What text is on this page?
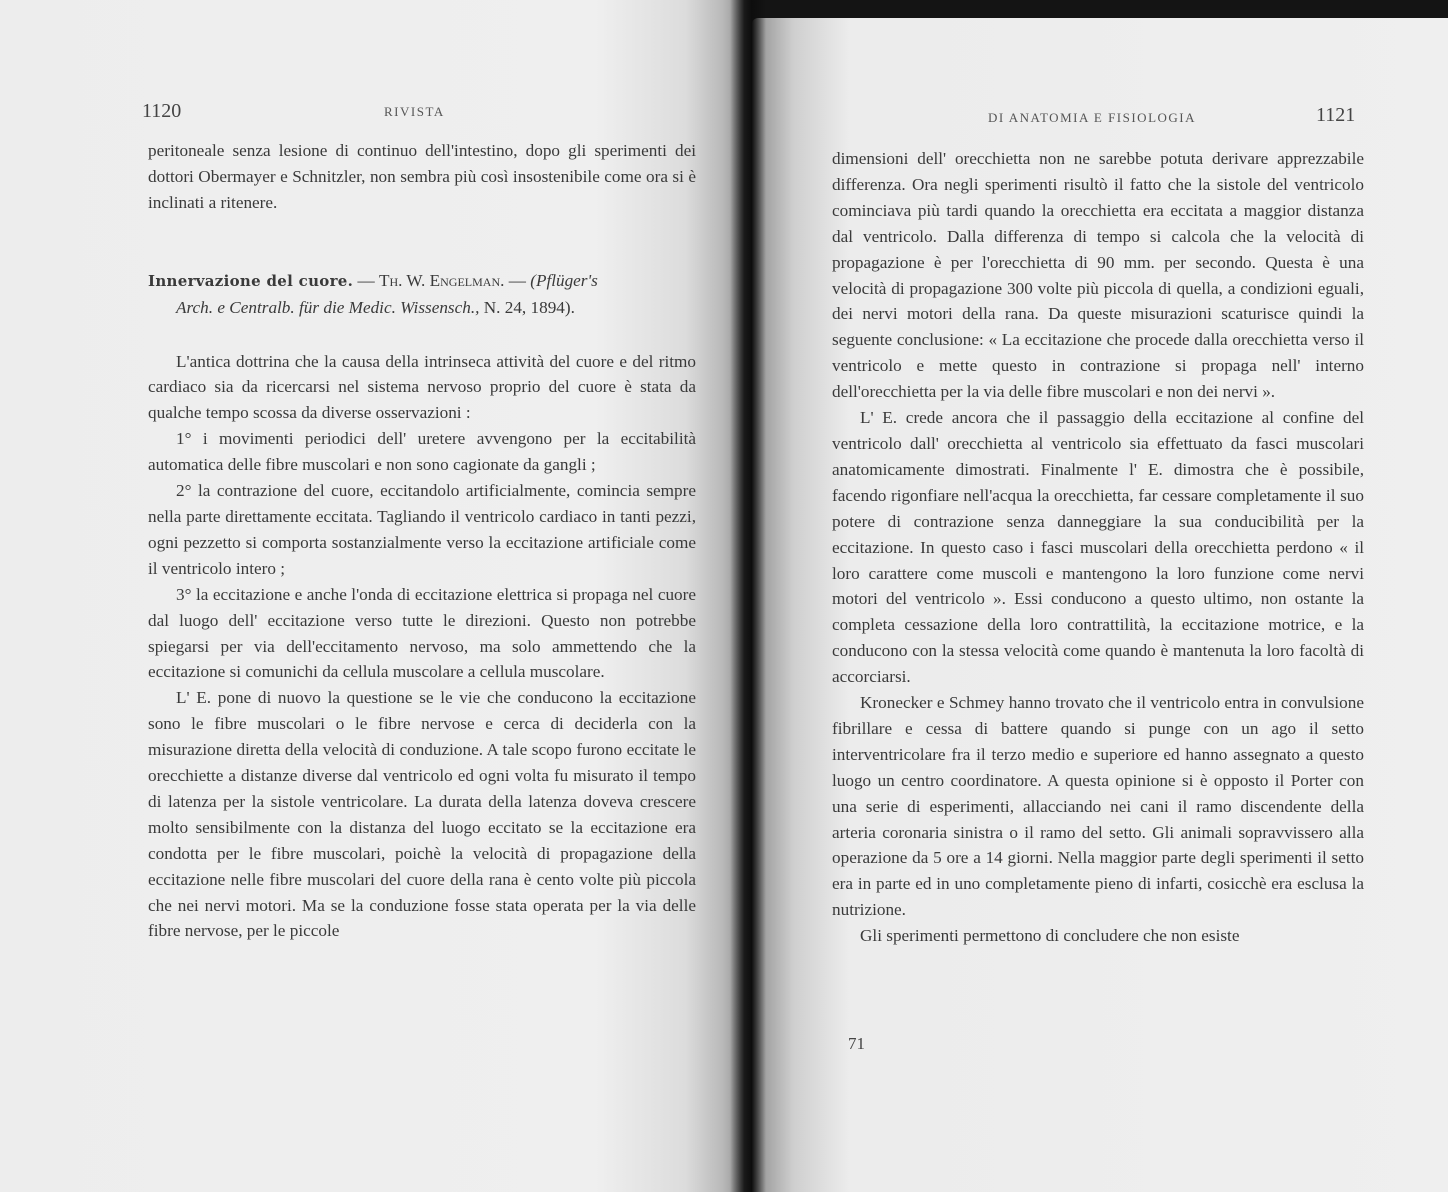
1120	RIVISTA

peritoneale senza lesione di continuo dell'intestino, dopo gli sperimenti dei dottori Obermayer e Schnitzler, non sembra più così insostenibile come ora si è inclinati a ritenere.

Innervazione del cuore. — Th. W. Engelman. — (Pflüger's

Arch. e Centralb. für die Medic. Wissensch., N. 24, 1894).

L'antica dottrina che la causa della intrinseca attività del cuore e del ritmo cardiaco sia da ricercarsi nel sistema nervoso proprio del cuore è stata da qualche tempo scossa da diverse osservazioni :

1° i movimenti periodici dell' uretere avvengono per la eccitabilità automatica delle fibre muscolari e non sono cagionate da gangli ;

2° la contrazione del cuore, eccitandolo artificialmente, comincia sempre nella parte direttamente eccitata. Tagliando il ventricolo cardiaco in tanti pezzi, ogni pezzetto si comporta sostanzialmente verso la eccitazione artificiale come il ventricolo intero ;

3° la eccitazione e anche l'onda di eccitazione elettrica si propaga nel cuore dal luogo dell' eccitazione verso tutte le direzioni. Questo non potrebbe spiegarsi per via dell'eccitamento nervoso, ma solo ammettendo che la eccitazione si comunichi da cellula muscolare a cellula muscolare.

L' E. pone di nuovo la questione se le vie che conducono la eccitazione sono le fibre muscolari o le fibre nervose e cerca di deciderla con la misurazione diretta della velocità di conduzione. A tale scopo furono eccitate le orecchiette a distanze diverse dal ventricolo ed ogni volta fu misurato il tempo di latenza per la sistole ventricolare. La durata della latenza doveva crescere molto sensibilmente con la distanza del luogo eccitato se la eccitazione era condotta per le fibre muscolari, poichè la velocità di propagazione della eccitazione nelle fibre muscolari del cuore della rana è cento volte più piccola che nei nervi motori. Ma se la conduzione fosse stata operata per la via delle fibre nervose, per le piccole

DI ANATOMIA E FISIOLOGIA	1121

dimensioni dell' orecchietta non ne sarebbe potuta derivare apprezzabile differenza. Ora negli sperimenti risultò il fatto che la sistole del ventricolo cominciava più tardi quando la orecchietta era eccitata a maggior distanza dal ventricolo. Dalla differenza di tempo si calcola che la velocità di propagazione è per l'orecchietta di 90 mm. per secondo. Questa è una velocità di propagazione 300 volte più piccola di quella, a condizioni eguali, dei nervi motori della rana. Da queste misurazioni scaturisce quindi la seguente conclusione: « La eccitazione che procede dalla orecchietta verso il ventricolo e mette questo in contrazione si propaga nell' interno dell'orecchietta per la via delle fibre muscolari e non dei nervi ».

L' E. crede ancora che il passaggio della eccitazione al confine del ventricolo dall' orecchietta al ventricolo sia effettuato da fasci muscolari anatomicamente dimostrati. Finalmente l' E. dimostra che è possibile, facendo rigonfiare nell'acqua la orecchietta, far cessare completamente il suo potere di contrazione senza danneggiare la sua conducibilità per la eccitazione. In questo caso i fasci muscolari della orecchietta perdono « il loro carattere come muscoli e mantengono la loro funzione come nervi motori del ventricolo ». Essi conducono a questo ultimo, non ostante la completa cessazione della loro contrattilità, la eccitazione motrice, e la conducono con la stessa velocità come quando è mantenuta la loro facoltà di accorciarsi.

Kronecker e Schmey hanno trovato che il ventricolo entra in convulsione fibrillare e cessa di battere quando si punge con un ago il setto interventricolare fra il terzo medio e superiore ed hanno assegnato a questo luogo un centro coordinatore. A questa opinione si è opposto il Porter con una serie di esperimenti, allacciando nei cani il ramo discendente della arteria coronaria sinistra o il ramo del setto. Gli animali sopravvissero alla operazione da 5 ore a 14 giorni. Nella maggior parte degli sperimenti il setto era in parte ed in uno completamente pieno di infarti, cosicchè era esclusa la nutrizione.

Gli sperimenti permettono di concludere che non esiste

71
